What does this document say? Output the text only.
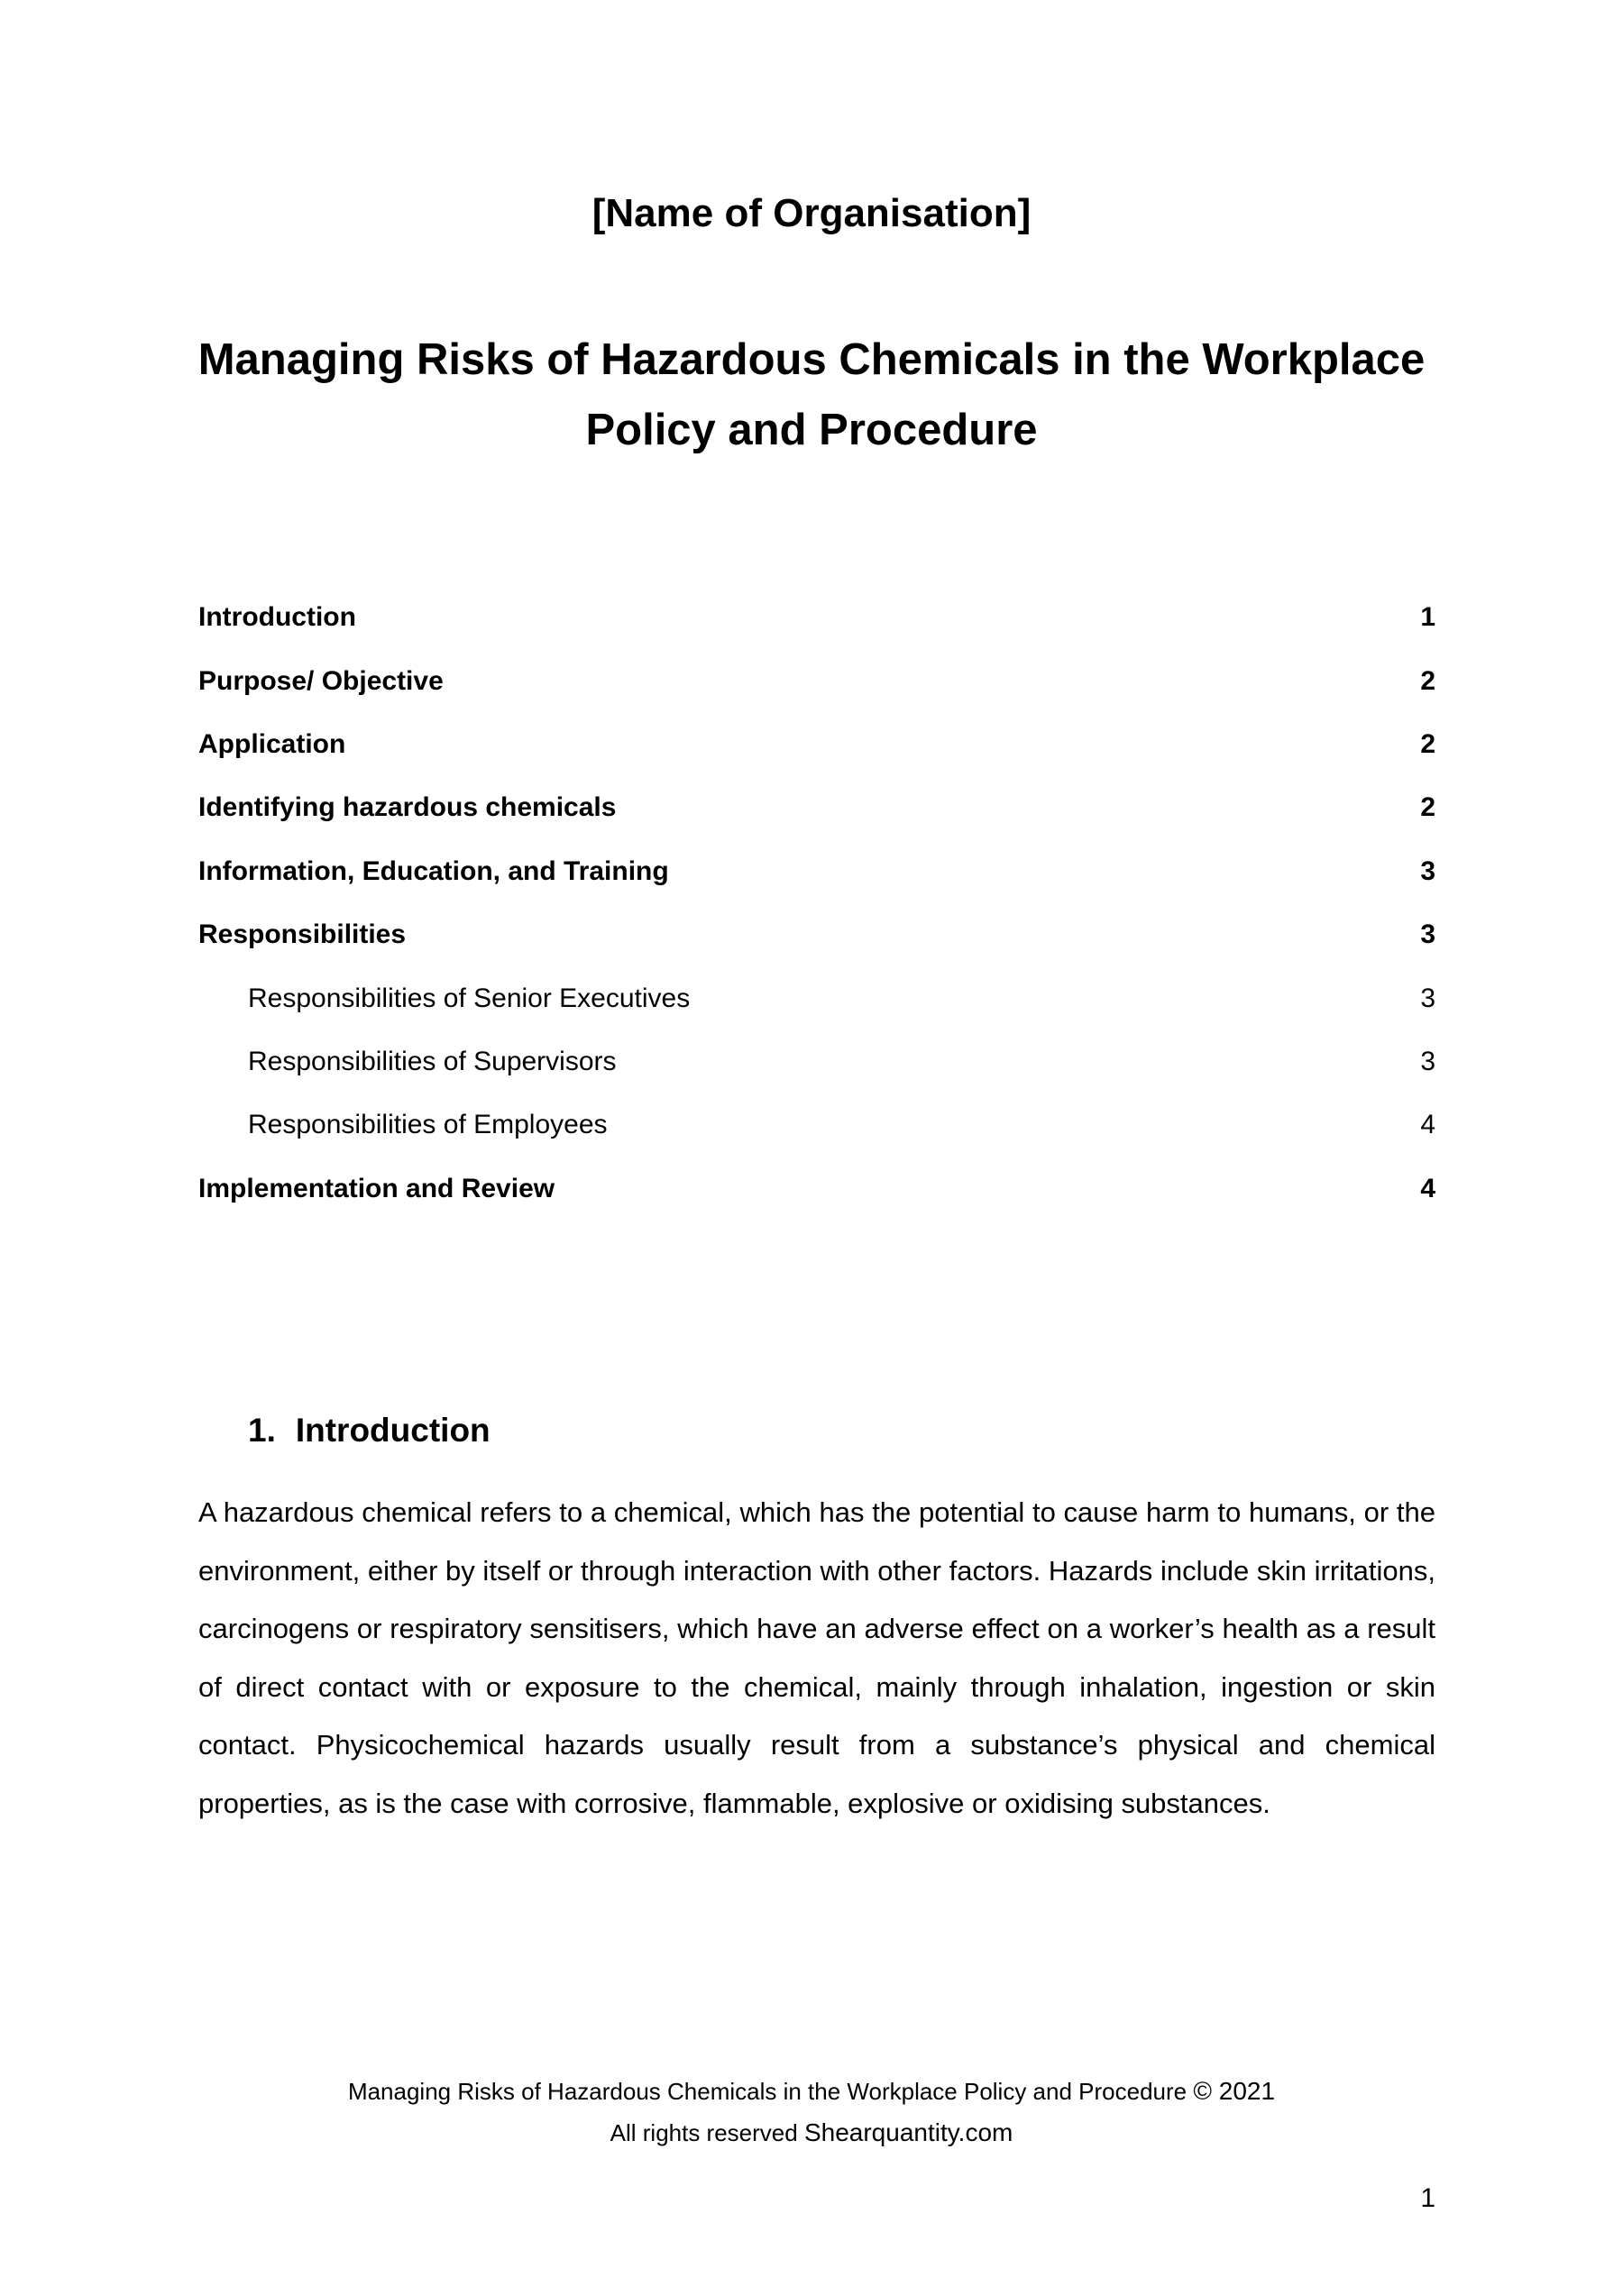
[Name of Organisation]
Managing Risks of Hazardous Chemicals in the Workplace
Policy and Procedure
Introduction	1
Purpose/ Objective	2
Application	2
Identifying hazardous chemicals	2
Information, Education, and Training	3
Responsibilities	3
Responsibilities of Senior Executives	3
Responsibilities of Supervisors	3
Responsibilities of Employees	4
Implementation and Review	4
1. Introduction
A hazardous chemical refers to a chemical, which has the potential to cause harm to humans, or the environment, either by itself or through interaction with other factors. Hazards include skin irritations, carcinogens or respiratory sensitisers, which have an adverse effect on a worker’s health as a result of direct contact with or exposure to the chemical, mainly through inhalation, ingestion or skin contact. Physicochemical hazards usually result from a substance’s physical and chemical properties, as is the case with corrosive, flammable, explosive or oxidising substances.
Managing Risks of Hazardous Chemicals in the Workplace Policy and Procedure © 2021
All rights reserved Shearquantity.com
1
